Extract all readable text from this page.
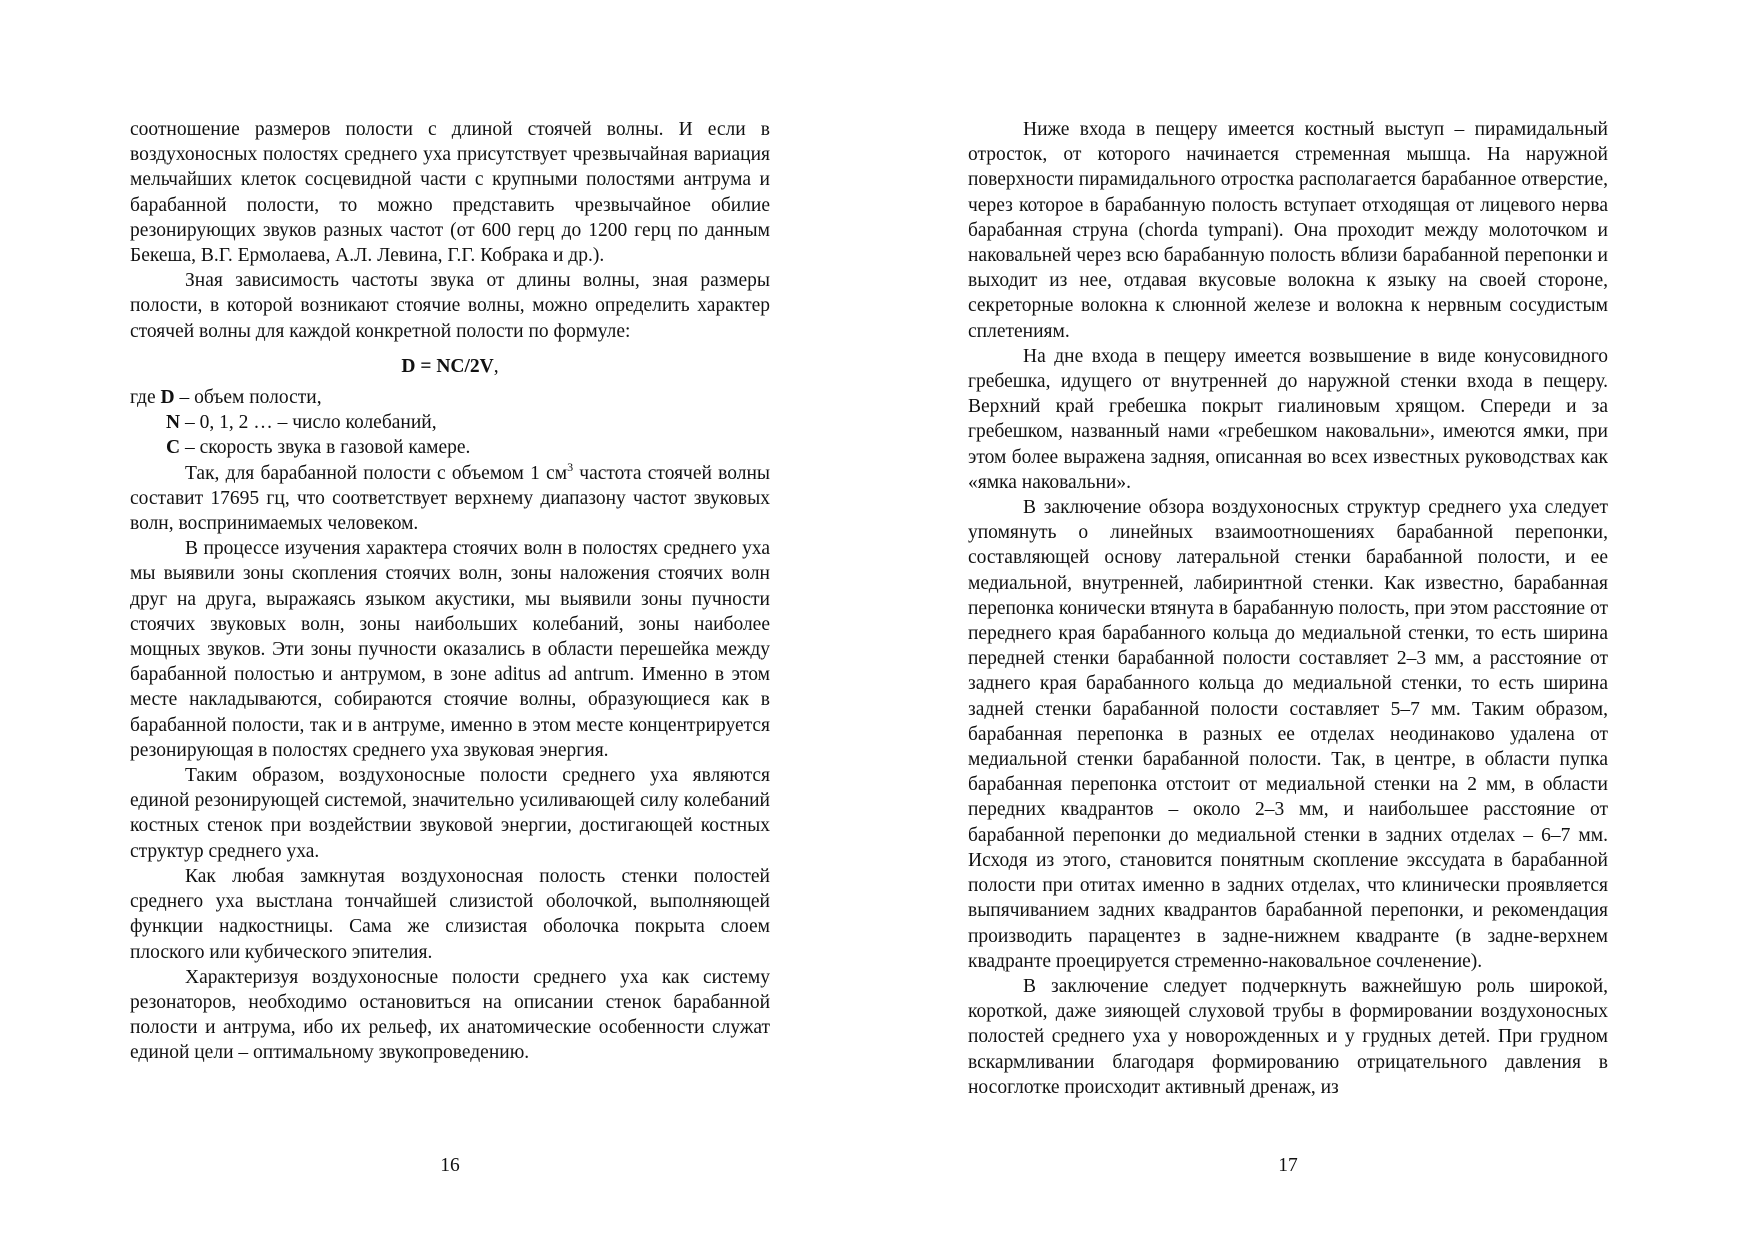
соотношение размеров полости с длиной стоячей волны. И если в воздухоносных полостях среднего уха присутствует чрезвычайная вариация мельчайших клеток сосцевидной части с крупными полостями антрума и барабанной полости, то можно представить чрезвычайное обилие резонирующих звуков разных частот (от 600 герц до 1200 герц по данным Бекеша, В.Г. Ермолаева, А.Л. Левина, Г.Г. Кобрака и др.).

Зная зависимость частоты звука от длины волны, зная размеры полости, в которой возникают стоячие волны, можно определить характер стоячей волны для каждой конкретной полости по формуле:

D = NC/2V,

где D – объем полости,

N – 0, 1, 2 … – число колебаний,

C – скорость звука в газовой камере.

Так, для барабанной полости с объемом 1 $см^3$ частота стоячей волны составит 17695 гц, что соответствует верхнему диапазону частот звуковых волн, воспринимаемых человеком.

В процессе изучения характера стоячих волн в полостях среднего уха мы выявили зоны скопления стоячих волн, зоны наложения стоячих волн друг на друга, выражаясь языком акустики, мы выявили зоны пучности стоячих звуковых волн, зоны наибольших колебаний, зоны наиболее мощных звуков. Эти зоны пучности оказались в области перешейка между барабанной полостью и антрумом, в зоне aditus ad antrum. Именно в этом месте накладываются, собираются стоячие волны, образующиеся как в барабанной полости, так и в антруме, именно в этом месте концентрируется резонирующая в полостях среднего уха звуковая энергия.

Таким образом, воздухоносные полости среднего уха являются единой резонирующей системой, значительно усиливающей силу колебаний костных стенок при воздействии звуковой энергии, достигающей костных структур среднего уха.

Как любая замкнутая воздухоносная полость стенки полостей среднего уха выстлана тончайшей слизистой оболочкой, выполняющей функции надкостницы. Сама же слизистая оболочка покрыта слоем плоского или кубического эпителия.

Характеризуя воздухоносные полости среднего уха как систему резонаторов, необходимо остановиться на описании стенок барабанной полости и антрума, ибо их рельеф, их анатомические особенности служат единой цели – оптимальному звукопроведению.

16

Ниже входа в пещеру имеется костный выступ – пирамидальный отросток, от которого начинается стременная мышца. На наружной поверхности пирамидального отростка располагается барабанное отверстие, через которое в барабанную полость вступает отходящая от лицевого нерва барабанная струна (chorda tympani). Она проходит между молоточком и наковальней через всю барабанную полость вблизи барабанной перепонки и выходит из нее, отдавая вкусовые волокна к языку на своей стороне, секреторные волокна к слюнной железе и волокна к нервным сосудистым сплетениям.

На дне входа в пещеру имеется возвышение в виде конусовидного гребешка, идущего от внутренней до наружной стенки входа в пещеру. Верхний край гребешка покрыт гиалиновым хрящом. Спереди и за гребешком, названный нами «гребешком наковальни», имеются ямки, при этом более выражена задняя, описанная во всех известных руководствах как «ямка наковальни».

В заключение обзора воздухоносных структур среднего уха следует упомянуть о линейных взаимоотношениях барабанной перепонки, составляющей основу латеральной стенки барабанной полости, и ее медиальной, внутренней, лабиринтной стенки. Как известно, барабанная перепонка конически втянута в барабанную полость, при этом расстояние от переднего края барабанного кольца до медиальной стенки, то есть ширина передней стенки барабанной полости составляет 2–3 мм, а расстояние от заднего края барабанного кольца до медиальной стенки, то есть ширина задней стенки барабанной полости составляет 5–7 мм. Таким образом, барабанная перепонка в разных ее отделах неодинаково удалена от медиальной стенки барабанной полости. Так, в центре, в области пупка барабанная перепонка отстоит от медиальной стенки на 2 мм, в области передних квадрантов – около 2–3 мм, и наибольшее расстояние от барабанной перепонки до медиальной стенки в задних отделах – 6–7 мм. Исходя из этого, становится понятным скопление экссудата в барабанной полости при отитах именно в задних отделах, что клинически проявляется выпячиванием задних квадрантов барабанной перепонки, и рекомендация производить парацентез в задне-нижнем квадранте (в задне-верхнем квадранте проецируется стременно-наковальное сочленение).

В заключение следует подчеркнуть важнейшую роль широкой, короткой, даже зияющей слуховой трубы в формировании воздухоносных полостей среднего уха у новорожденных и у грудных детей. При грудном вскармливании благодаря формированию отрицательного давления в носоглотке происходит активный дренаж, из

17
